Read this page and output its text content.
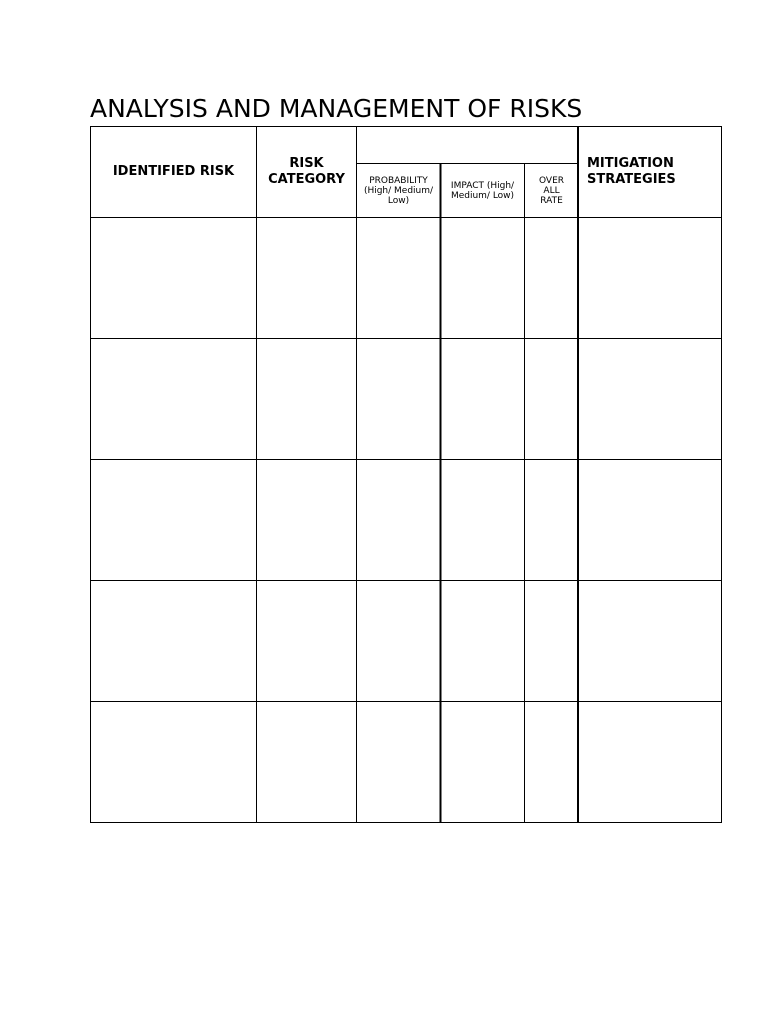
ANALYSIS AND MANAGEMENT OF RISKS
IDENTIFIED RISK
RISK CATEGORY	PROBABILITY (High/ Medium/ Low)
IMPACT (High/ Medium/ Low)
OVER ALL RATE
MITIGATION STRATEGIES
